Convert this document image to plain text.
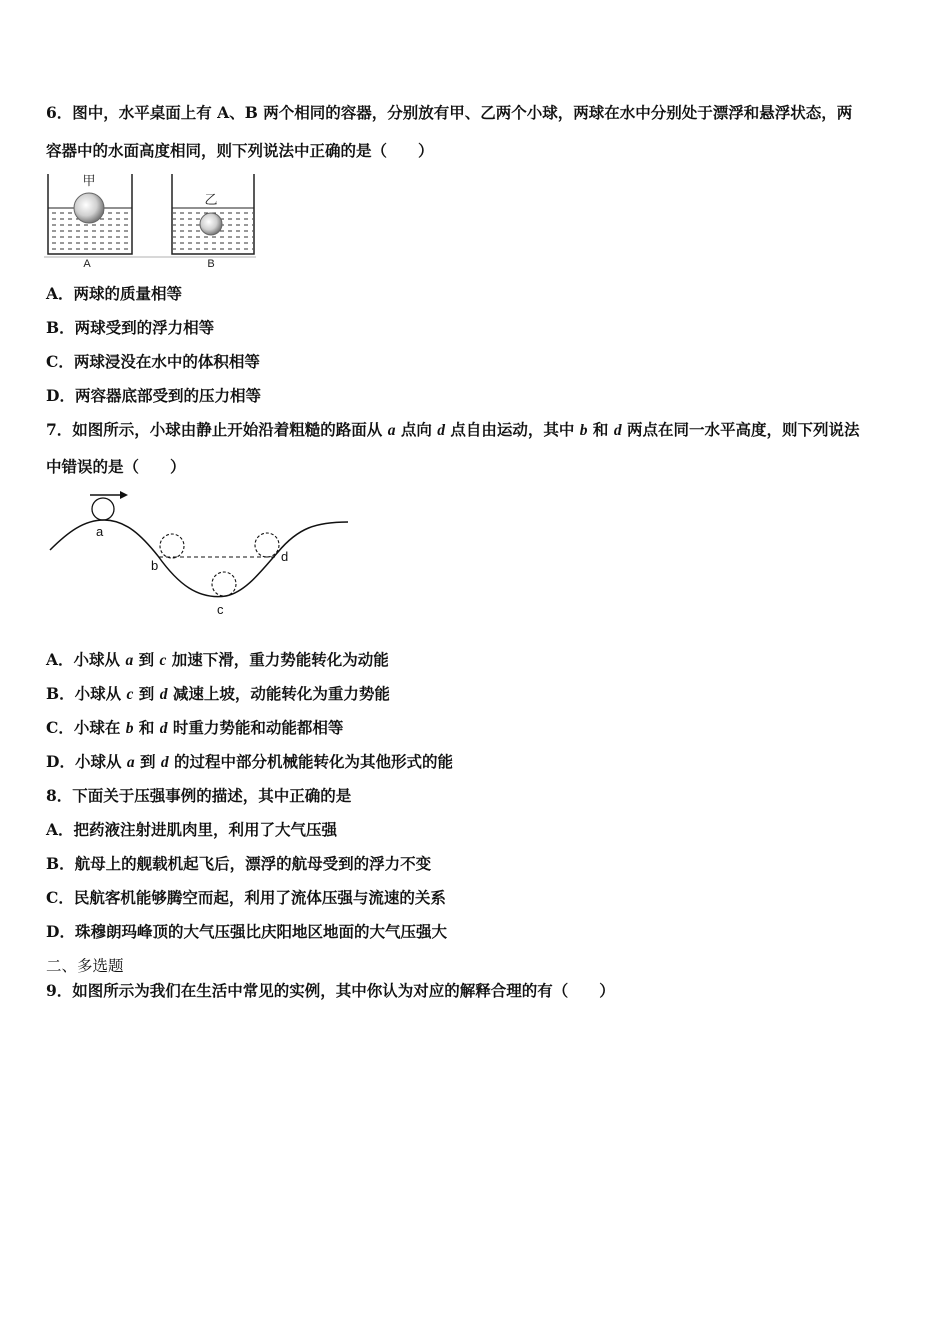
6．图中，水平桌面上有 A、B 两个相同的容器，分别放有甲、乙两个小球，两球在水中分别处于漂浮和悬浮状态，两
容器中的水面高度相同，则下列说法中正确的是（　　）
甲
A
乙
B
A．两球的质量相等
B．两球受到的浮力相等
C．两球浸没在水中的体积相等
D．两容器底部受到的压力相等
7．如图所示，小球由静止开始沿着粗糙的路面从 a 点向 d 点自由运动，其中 b 和 d 两点在同一水平高度，则下列说法
中错误的是（　　）
a
b
c
d
A．小球从 a 到 c 加速下滑，重力势能转化为动能
B．小球从 c 到 d 减速上坡，动能转化为重力势能
C．小球在 b 和 d 时重力势能和动能都相等
D．小球从 a 到 d 的过程中部分机械能转化为其他形式的能
8．下面关于压强事例的描述，其中正确的是
A．把药液注射进肌肉里，利用了大气压强
B．航母上的舰载机起飞后，漂浮的航母受到的浮力不变
C．民航客机能够腾空而起，利用了流体压强与流速的关系
D．珠穆朗玛峰顶的大气压强比庆阳地区地面的大气压强大
二、多选题
9．如图所示为我们在生活中常见的实例，其中你认为对应的解释合理的有（　　）
